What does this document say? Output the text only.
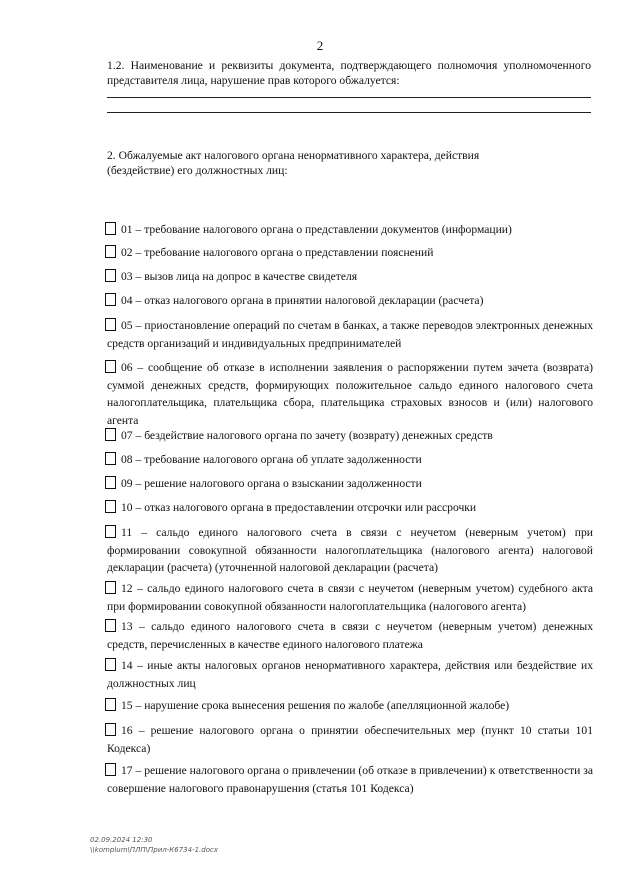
2
1.2. Наименование и реквизиты документа, подтверждающего полномочия уполномоченного представителя лица, нарушение прав которого обжалуется:
2. Обжалуемые акт налогового органа ненормативного характера, действия (бездействие) его должностных лиц:
01 – требование налогового органа о представлении документов (информации)
02 – требование налогового органа о представлении пояснений
03 – вызов лица на допрос в качестве свидетеля
04 – отказ налогового органа в принятии налоговой декларации (расчета)
05 – приостановление операций по счетам в банках, а также переводов электронных денежных средств организаций и индивидуальных предпринимателей
06 – сообщение об отказе в исполнении заявления о распоряжении путем зачета (возврата) суммой денежных средств, формирующих положительное сальдо единого налогового счета налогоплательщика, плательщика сбора, плательщика страховых взносов и (или) налогового агента
07 – бездействие налогового органа по зачету (возврату) денежных средств
08 – требование налогового органа об уплате задолженности
09 – решение налогового органа о взыскании задолженности
10 – отказ налогового органа в предоставлении отсрочки или рассрочки
11 – сальдо единого налогового счета в связи с неучетом (неверным учетом) при формировании совокупной обязанности налогоплательщика (налогового агента) налоговой декларации (расчета) (уточненной налоговой декларации (расчета)
12 – сальдо единого налогового счета в связи с неучетом (неверным учетом) судебного акта при формировании совокупной обязанности налогоплательщика (налогового агента)
13 – сальдо единого налогового счета в связи с неучетом (неверным учетом) денежных средств, перечисленных в качестве единого налогового платежа
14 – иные акты налоговых органов ненормативного характера, действия или бездействие их должностных лиц
15 – нарушение срока вынесения решения по жалобе (апелляционной жалобе)
16 – решение налогового органа о принятии обеспечительных мер (пункт 10 статьи 101 Кодекса)
17 – решение налогового органа о привлечении (об отказе в привлечении) к ответственности за совершение налогового правонарушения (статья 101 Кодекса)
02.09.2024 12:30
\\komplum\ПЛП\Прил-К6734-1.docx
